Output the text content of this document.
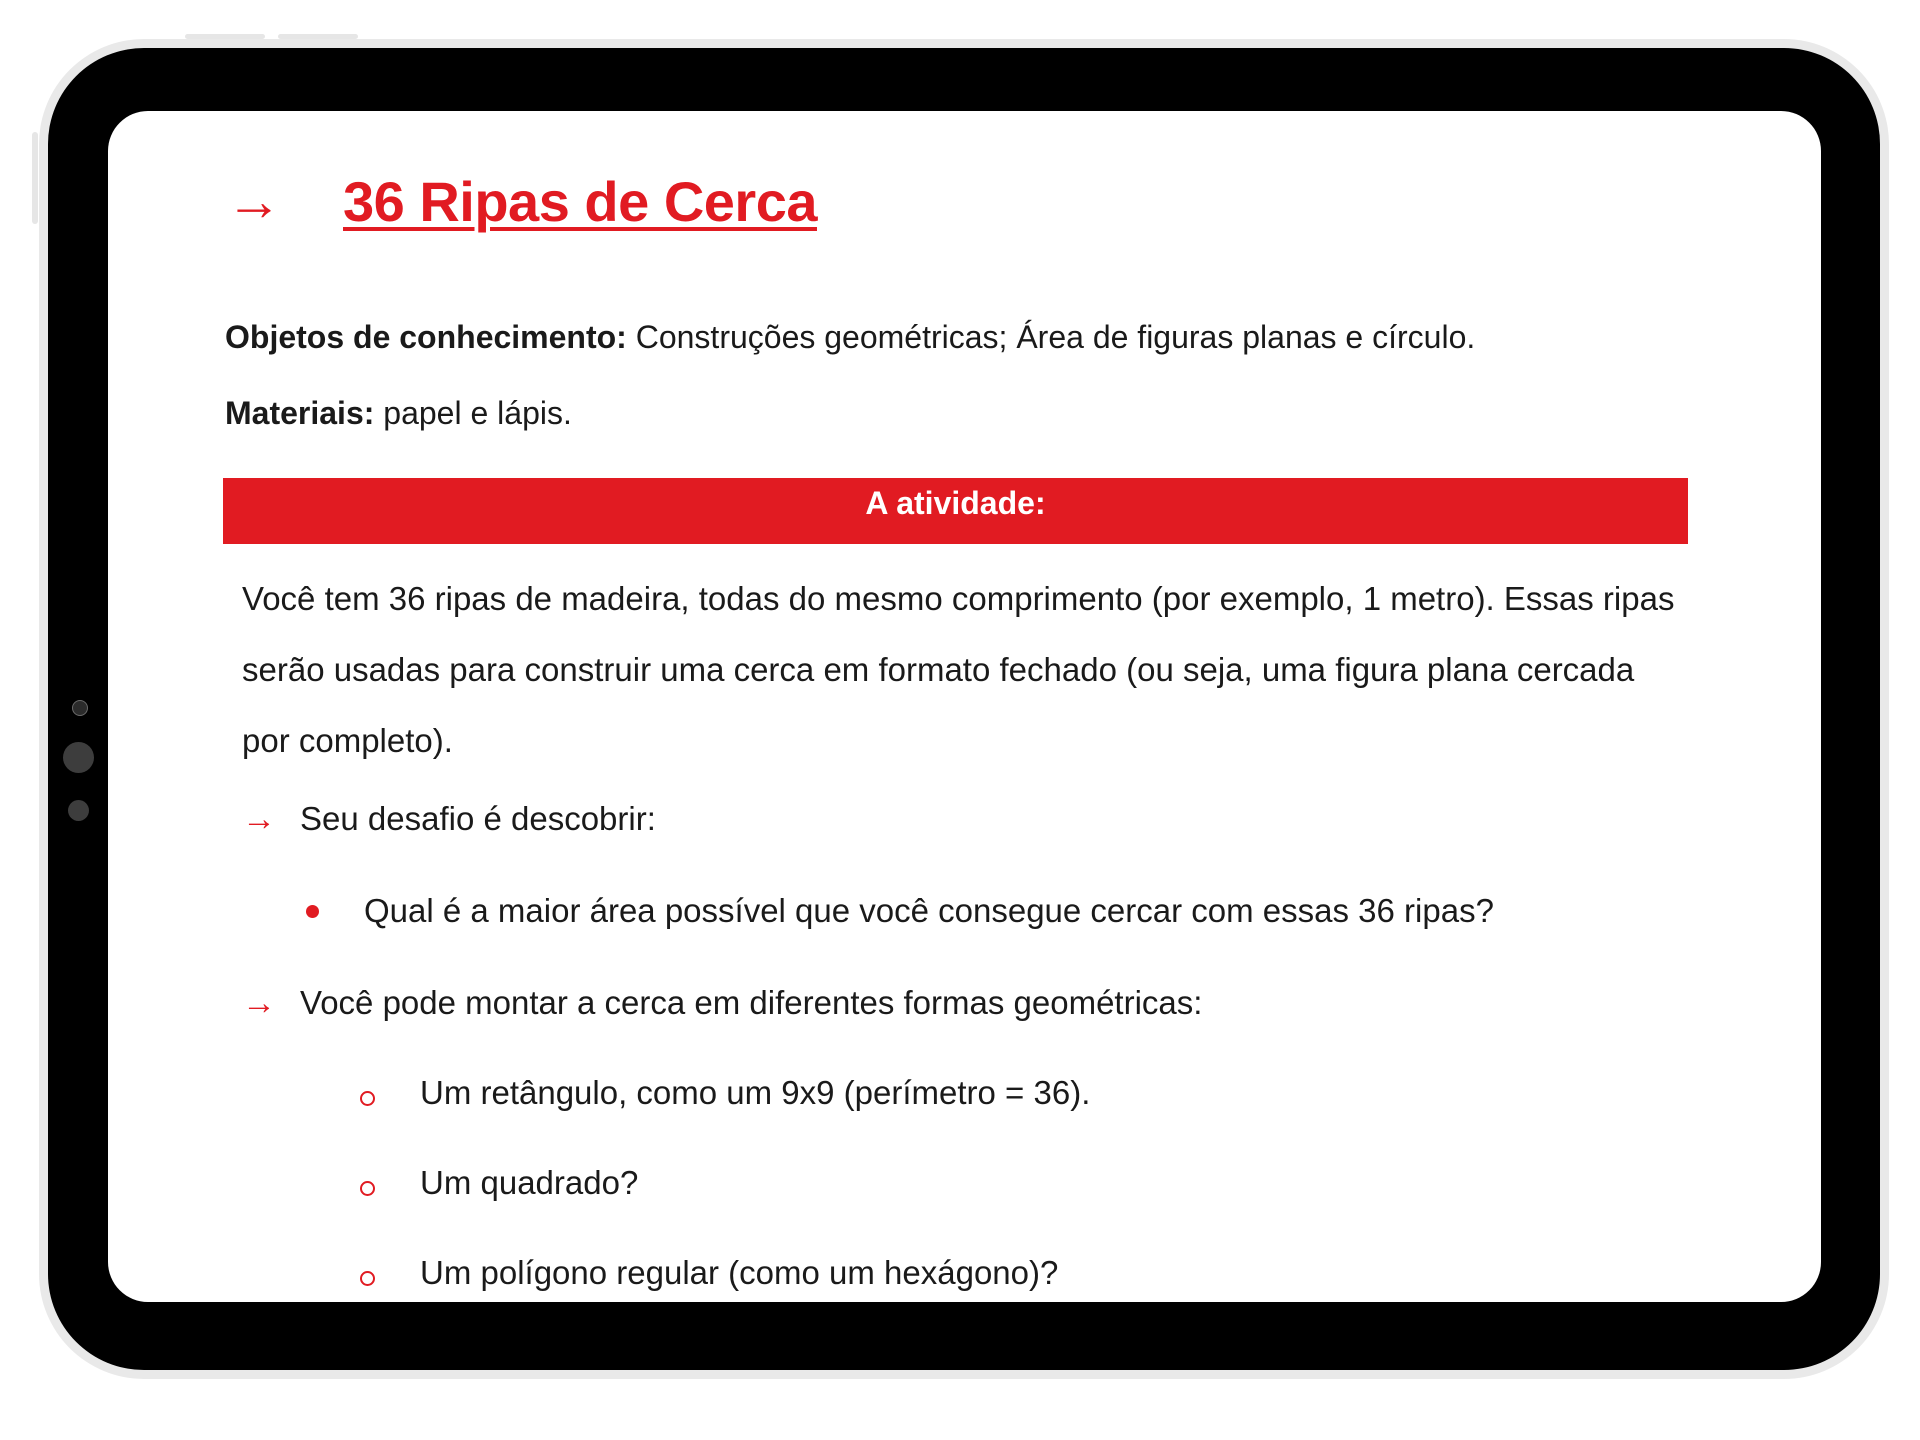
→	36 Ripas de Cerca
Objetos de conhecimento: Construções geométricas; Área de figuras planas e círculo.
Materiais: papel e lápis.
A atividade:
Você tem 36 ripas de madeira, todas do mesmo comprimento (por exemplo, 1 metro). Essas ripas serão usadas para construir uma cerca em formato fechado (ou seja, uma figura plana cercada por completo).
→ Seu desafio é descobrir:
Qual é a maior área possível que você consegue cercar com essas 36 ripas?
→ Você pode montar a cerca em diferentes formas geométricas:
Um retângulo, como um 9x9 (perímetro = 36).
Um quadrado?
Um polígono regular (como um hexágono)?
